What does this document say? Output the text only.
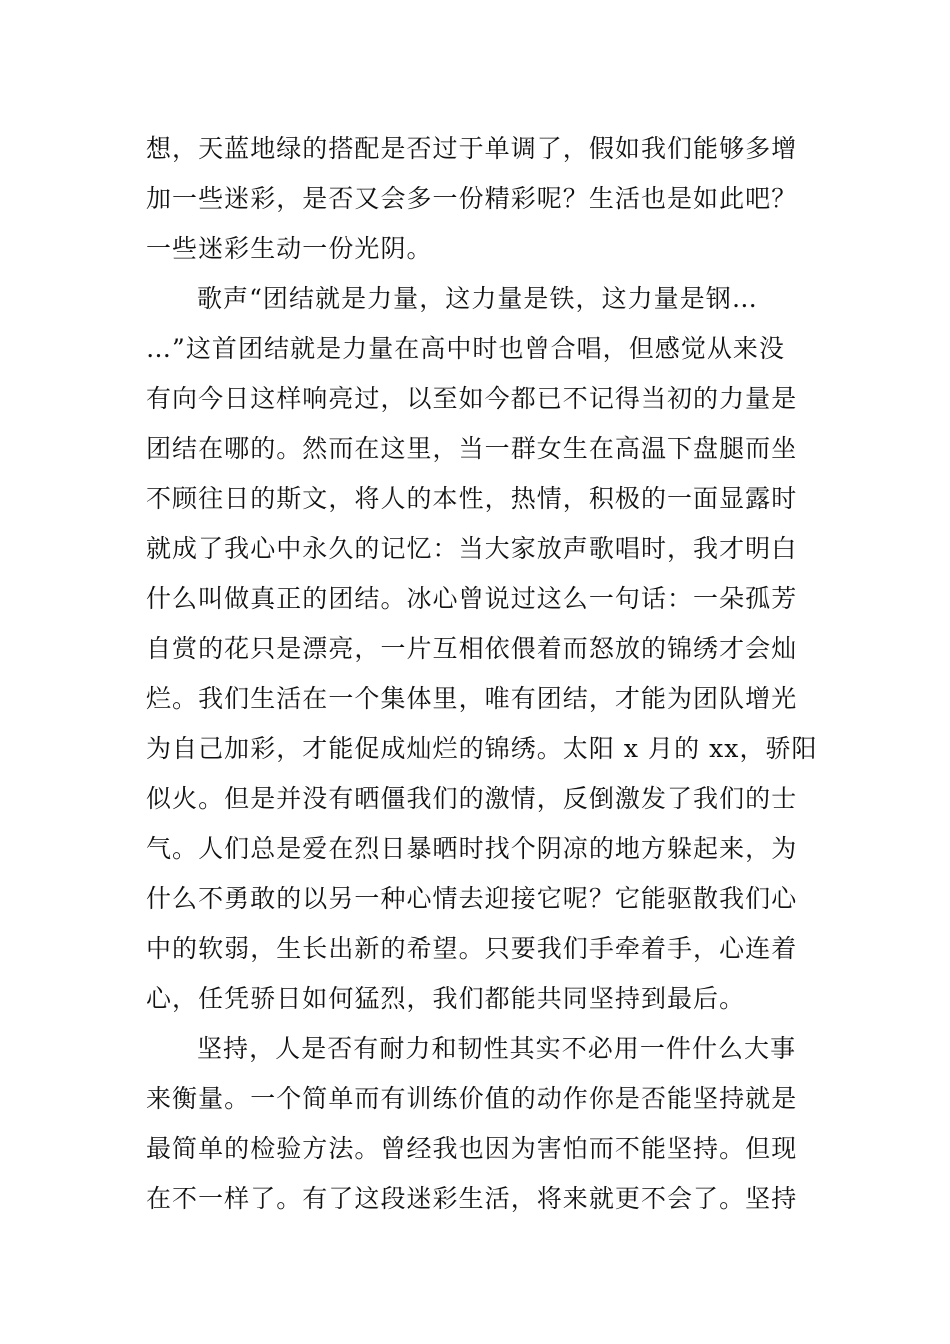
想，天蓝地绿的搭配是否过于单调了，假如我们能够多增
加一些迷彩，是否又会多一份精彩呢？生活也是如此吧？
一些迷彩生动一份光阴。
歌声“团结就是力量，这力量是铁，这力量是钢…
…”这首团结就是力量在高中时也曾合唱，但感觉从来没
有向今日这样响亮过，以至如今都已不记得当初的力量是
团结在哪的。然而在这里，当一群女生在高温下盘腿而坐
不顾往日的斯文，将人的本性，热情，积极的一面显露时
就成了我心中永久的记忆：当大家放声歌唱时，我才明白
什么叫做真正的团结。冰心曾说过这么一句话：一朵孤芳
自赏的花只是漂亮，一片互相依偎着而怒放的锦绣才会灿
烂。我们生活在一个集体里，唯有团结，才能为团队增光
为自己加彩，才能促成灿烂的锦绣。太阳 x 月的 xx，骄阳
似火。但是并没有晒僵我们的激情，反倒激发了我们的士
气。人们总是爱在烈日暴晒时找个阴凉的地方躲起来，为
什么不勇敢的以另一种心情去迎接它呢？它能驱散我们心
中的软弱，生长出新的希望。只要我们手牵着手，心连着
心，任凭骄日如何猛烈，我们都能共同坚持到最后。
坚持，人是否有耐力和韧性其实不必用一件什么大事
来衡量。一个简单而有训练价值的动作你是否能坚持就是
最简单的检验方法。曾经我也因为害怕而不能坚持。但现
在不一样了。有了这段迷彩生活，将来就更不会了。坚持
